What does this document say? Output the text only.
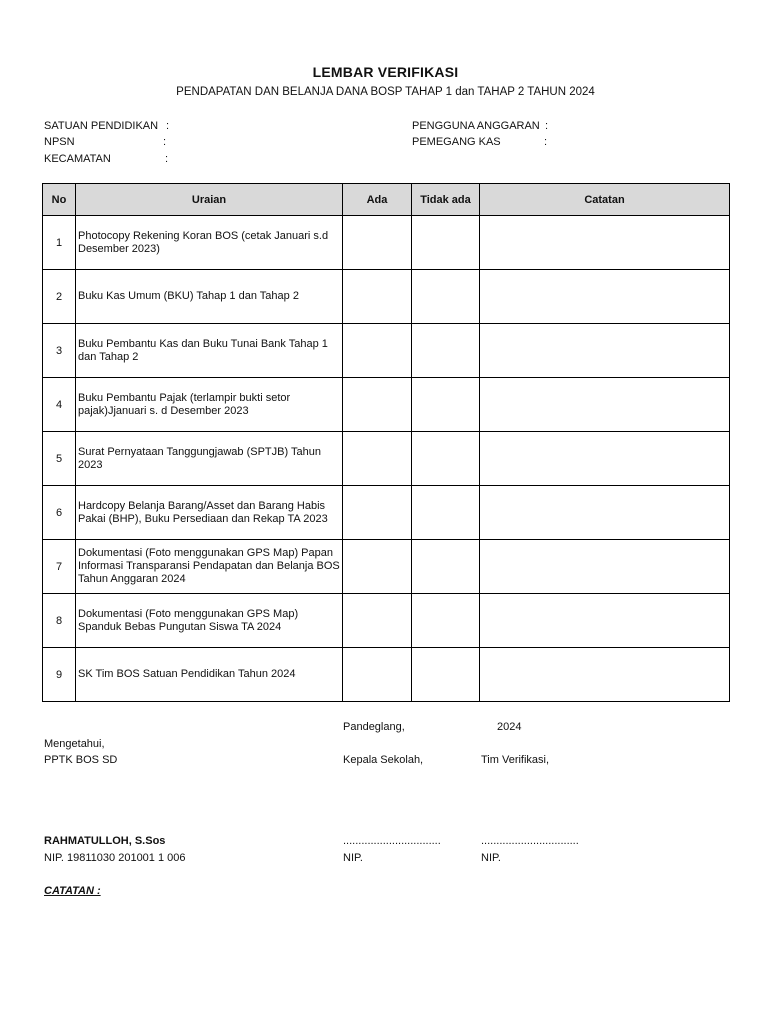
LEMBAR VERIFIKASI
PENDAPATAN DAN BELANJA DANA BOSP TAHAP 1 dan TAHAP 2 TAHUN 2024
SATUAN PENDIDIKAN :
NPSN	:
KECAMATAN	:
PENGGUNA ANGGARAN :
PEMEGANG KAS	:
No	Uraian	Ada	Tidak ada	Catatan
1	Photocopy Rekening Koran BOS (cetak Januari s.d Desember 2023)			
2	Buku Kas Umum (BKU) Tahap 1 dan Tahap 2			
3	Buku Pembantu Kas dan Buku Tunai Bank Tahap 1 dan Tahap 2			
4	Buku Pembantu Pajak (terlampir bukti setor pajak)Jjanuari s. d Desember 2023			
5	Surat Pernyataan Tanggungjawab (SPTJB) Tahun 2023			
6	Hardcopy Belanja Barang/Asset dan Barang Habis Pakai (BHP), Buku Persediaan dan Rekap TA 2023			
7	Dokumentasi (Foto menggunakan GPS Map) Papan Informasi Transparansi Pendapatan dan Belanja BOS Tahun Anggaran 2024			
8	Dokumentasi (Foto menggunakan GPS Map) Spanduk Bebas Pungutan Siswa TA 2024			
9	SK Tim BOS Satuan Pendidikan Tahun 2024			
Pandeglang,	2024
Mengetahui,
PPTK BOS SD	Kepala Sekolah,	Tim Verifikasi,
RAHMATULLOH, S.Sos	................................	................................
NIP. 19811030 201001 1 006	NIP.	NIP.
CATATAN :
